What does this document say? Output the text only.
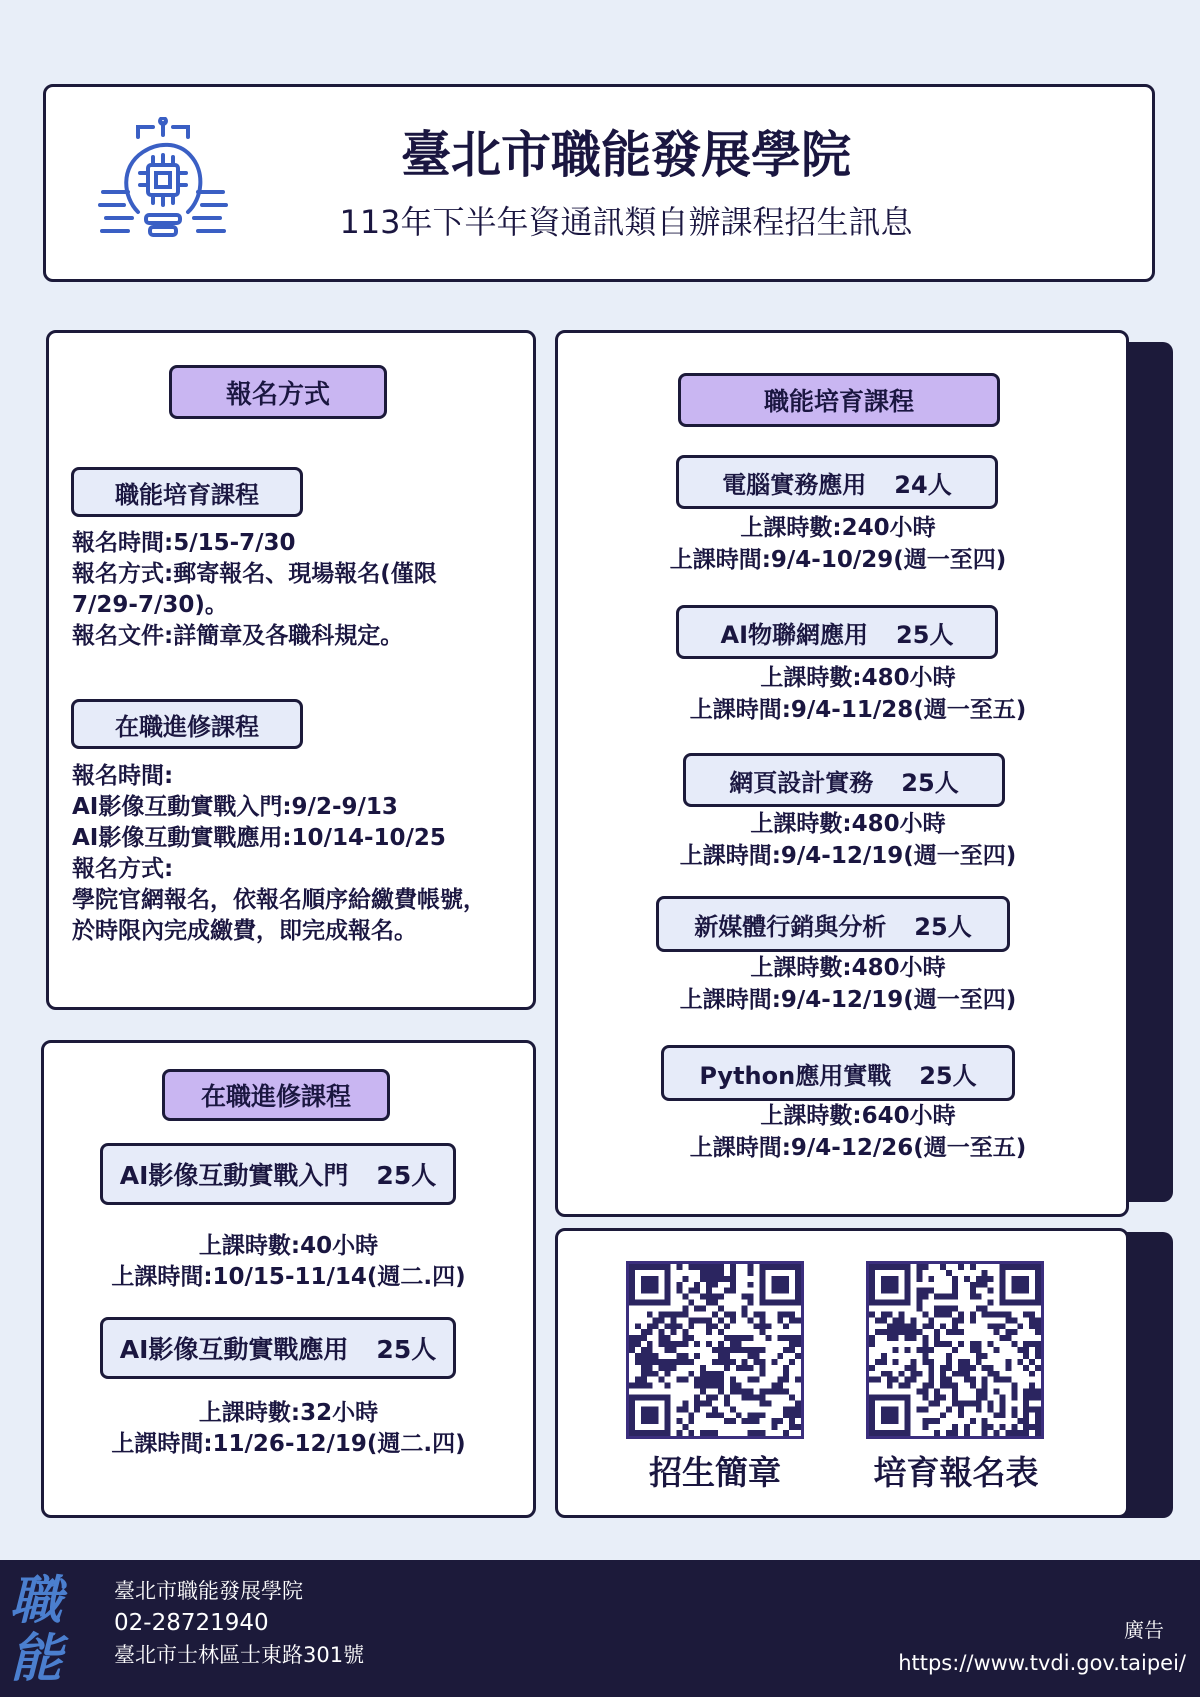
臺北市職能發展學院
113年下半年資通訊類自辦課程招生訊息
報名方式
職能培育課程
報名時間:5/15-7/30
報名方式:郵寄報名、現場報名(僅限
7/29-7/30)。
報名文件:詳簡章及各職科規定。
在職進修課程
報名時間:
AI影像互動實戰入門:9/2-9/13
AI影像互動實戰應用:10/14-10/25
報名方式:
學院官網報名，依報名順序給繳費帳號，
於時限內完成繳費，即完成報名。
在職進修課程
AI影像互動實戰入門 25人
上課時數:40小時
上課時間:10/15-11/14(週二.四)
AI影像互動實戰應用 25人
上課時數:32小時
上課時間:11/26-12/19(週二.四)
職能培育課程
電腦實務應用 24人
上課時數:240小時
上課時間:9/4-10/29(週一至四)
AI物聯網應用 25人
上課時數:480小時
上課時間:9/4-11/28(週一至五)
網頁設計實務 25人
上課時數:480小時
上課時間:9/4-12/19(週一至四)
新媒體行銷與分析 25人
上課時數:480小時
上課時間:9/4-12/19(週一至四)
Python應用實戰 25人
上課時數:640小時
上課時間:9/4-12/26(週一至五)
招生簡章	培育報名表
職能
臺北市職能發展學院
02-28721940
臺北市士林區士東路301號
廣告
https://www.tvdi.gov.taipei/
